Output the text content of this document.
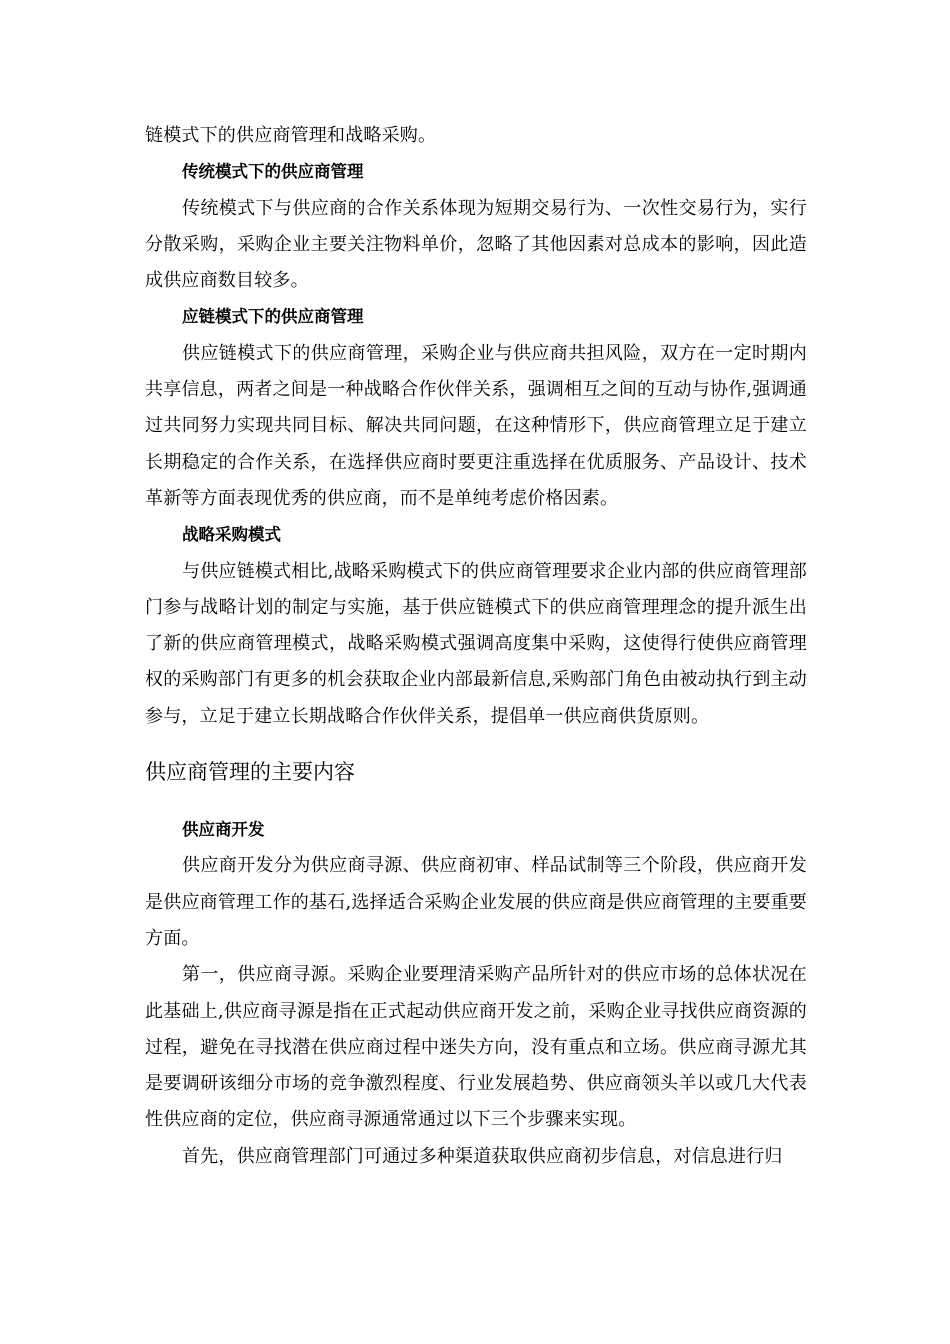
链模式下的供应商管理和战略采购。

传统模式下的供应商管理

传统模式下与供应商的合作关系体现为短期交易行为、一次性交易行为，实行分散采购，采购企业主要关注物料单价，忽略了其他因素对总成本的影响，因此造成供应商数目较多。

应链模式下的供应商管理

供应链模式下的供应商管理，采购企业与供应商共担风险，双方在一定时期内共享信息，两者之间是一种战略合作伙伴关系，强调相互之间的互动与协作,强调通过共同努力实现共同目标、解决共同问题，在这种情形下，供应商管理立足于建立长期稳定的合作关系，在选择供应商时要更注重选择在优质服务、产品设计、技术革新等方面表现优秀的供应商，而不是单纯考虑价格因素。

战略采购模式

与供应链模式相比,战略采购模式下的供应商管理要求企业内部的供应商管理部门参与战略计划的制定与实施，基于供应链模式下的供应商管理理念的提升派生出了新的供应商管理模式，战略采购模式强调高度集中采购，这使得行使供应商管理权的采购部门有更多的机会获取企业内部最新信息,采购部门角色由被动执行到主动参与，立足于建立长期战略合作伙伴关系，提倡单一供应商供货原则。

供应商管理的主要内容
供应商开发

供应商开发分为供应商寻源、供应商初审、样品试制等三个阶段，供应商开发是供应商管理工作的基石,选择适合采购企业发展的供应商是供应商管理的主要重要方面。

第一，供应商寻源。采购企业要理清采购产品所针对的供应市场的总体状况在此基础上,供应商寻源是指在正式起动供应商开发之前，采购企业寻找供应商资源的过程，避免在寻找潜在供应商过程中迷失方向，没有重点和立场。供应商寻源尤其是要调研该细分市场的竞争激烈程度、行业发展趋势、供应商领头羊以或几大代表性供应商的定位，供应商寻源通常通过以下三个步骤来实现。

首先，供应商管理部门可通过多种渠道获取供应商初步信息，对信息进行归
